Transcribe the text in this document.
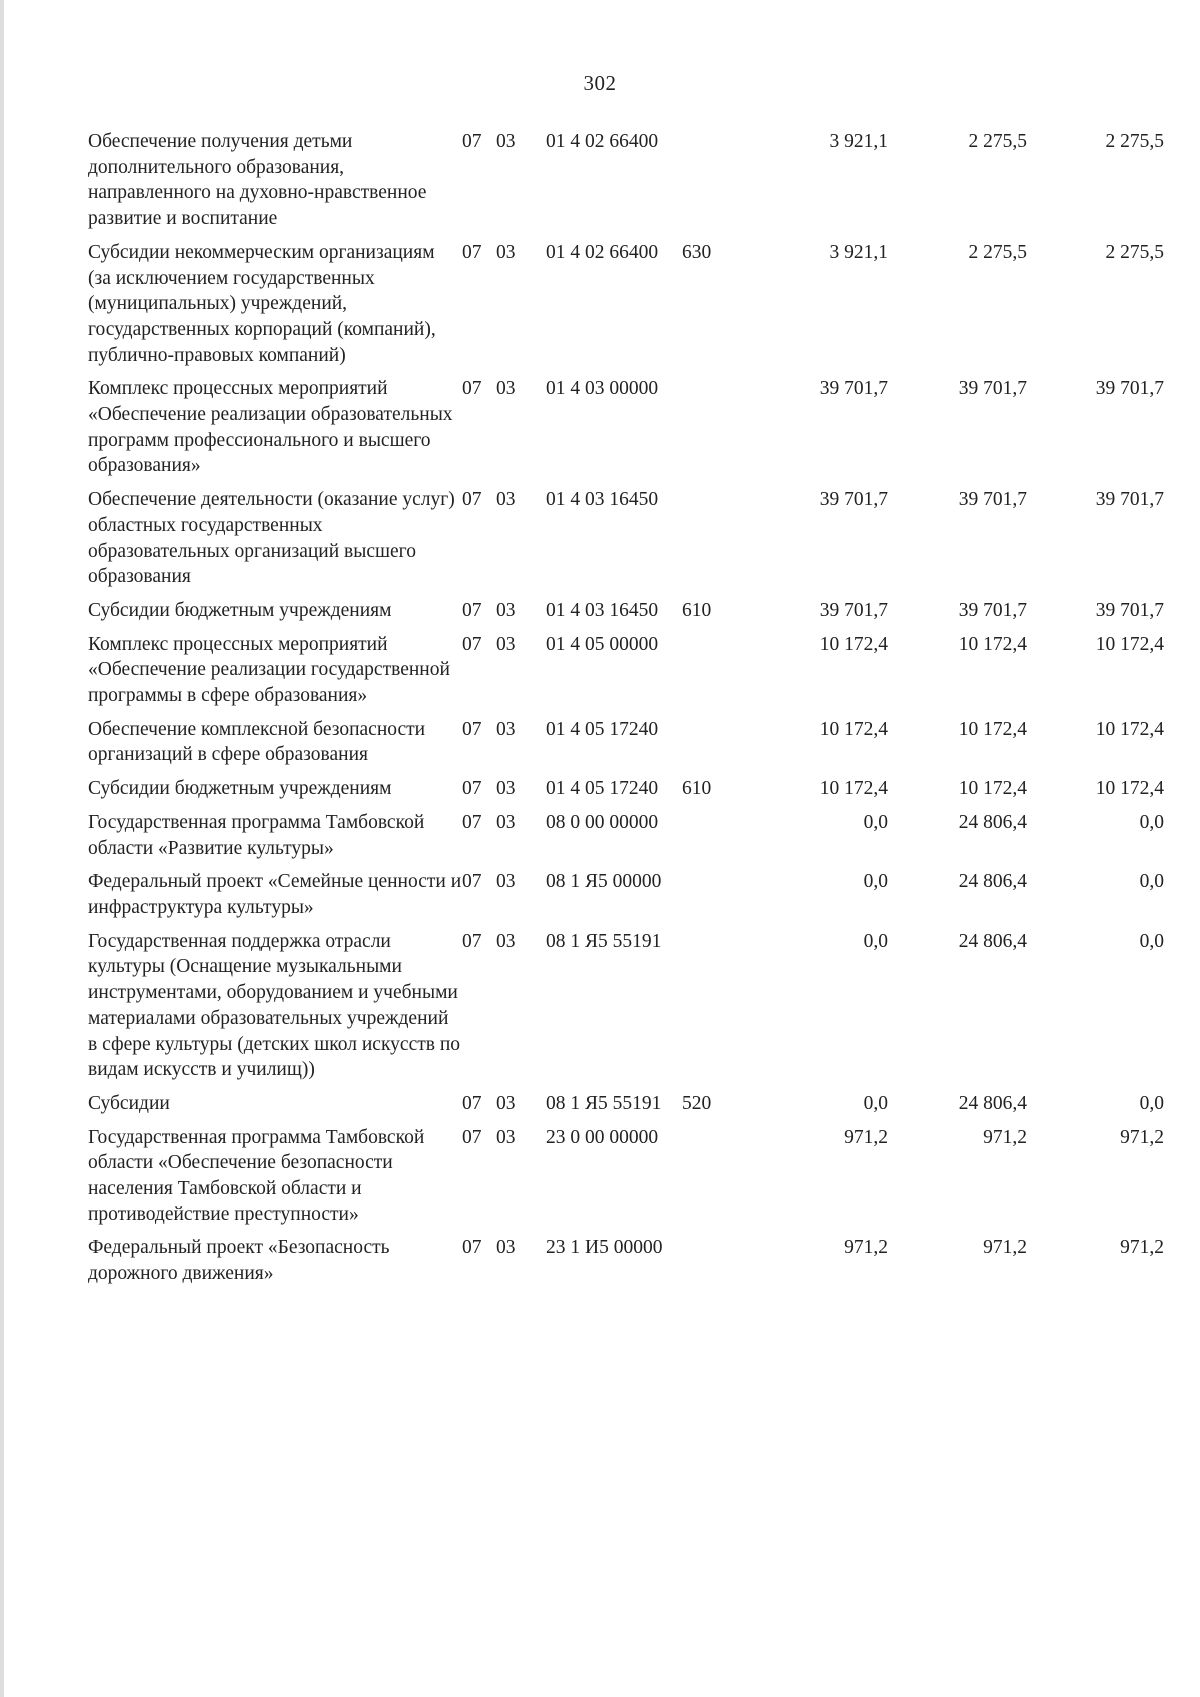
302
Обеспечение получения детьми дополнительного образования, направленного на духовно-нравственное развитие и воспитание	07	03	01 4 02 66400		3 921,1	2 275,5	2 275,5
Субсидии некоммерческим организациям (за исключением государственных (муниципальных) учреждений, государственных корпораций (компаний), публично-правовых компаний)	07	03	01 4 02 66400	630	3 921,1	2 275,5	2 275,5
Комплекс процессных мероприятий «Обеспечение реализации образовательных программ профессионального и высшего образования»	07	03	01 4 03 00000		39 701,7	39 701,7	39 701,7
Обеспечение деятельности (оказание услуг) областных государственных образовательных организаций высшего образования	07	03	01 4 03 16450		39 701,7	39 701,7	39 701,7
Субсидии бюджетным учреждениям	07	03	01 4 03 16450	610	39 701,7	39 701,7	39 701,7
Комплекс процессных мероприятий «Обеспечение реализации государственной программы в сфере образования»	07	03	01 4 05 00000		10 172,4	10 172,4	10 172,4
Обеспечение комплексной безопасности организаций в сфере образования	07	03	01 4 05 17240		10 172,4	10 172,4	10 172,4
Субсидии бюджетным учреждениям	07	03	01 4 05 17240	610	10 172,4	10 172,4	10 172,4
Государственная программа Тамбовской области «Развитие культуры»	07	03	08 0 00 00000		0,0	24 806,4	0,0
Федеральный проект «Семейные ценности и инфраструктура культуры»	07	03	08 1 Я5 00000		0,0	24 806,4	0,0
Государственная поддержка отрасли культуры (Оснащение музыкальными инструментами, оборудованием и учебными материалами образовательных учреждений в сфере культуры (детских школ искусств по видам искусств и училищ))	07	03	08 1 Я5 55191		0,0	24 806,4	0,0
Субсидии	07	03	08 1 Я5 55191	520	0,0	24 806,4	0,0
Государственная программа Тамбовской области «Обеспечение безопасности населения Тамбовской области и противодействие преступности»	07	03	23 0 00 00000		971,2	971,2	971,2
Федеральный проект «Безопасность дорожного движения»	07	03	23 1 И5 00000		971,2	971,2	971,2
